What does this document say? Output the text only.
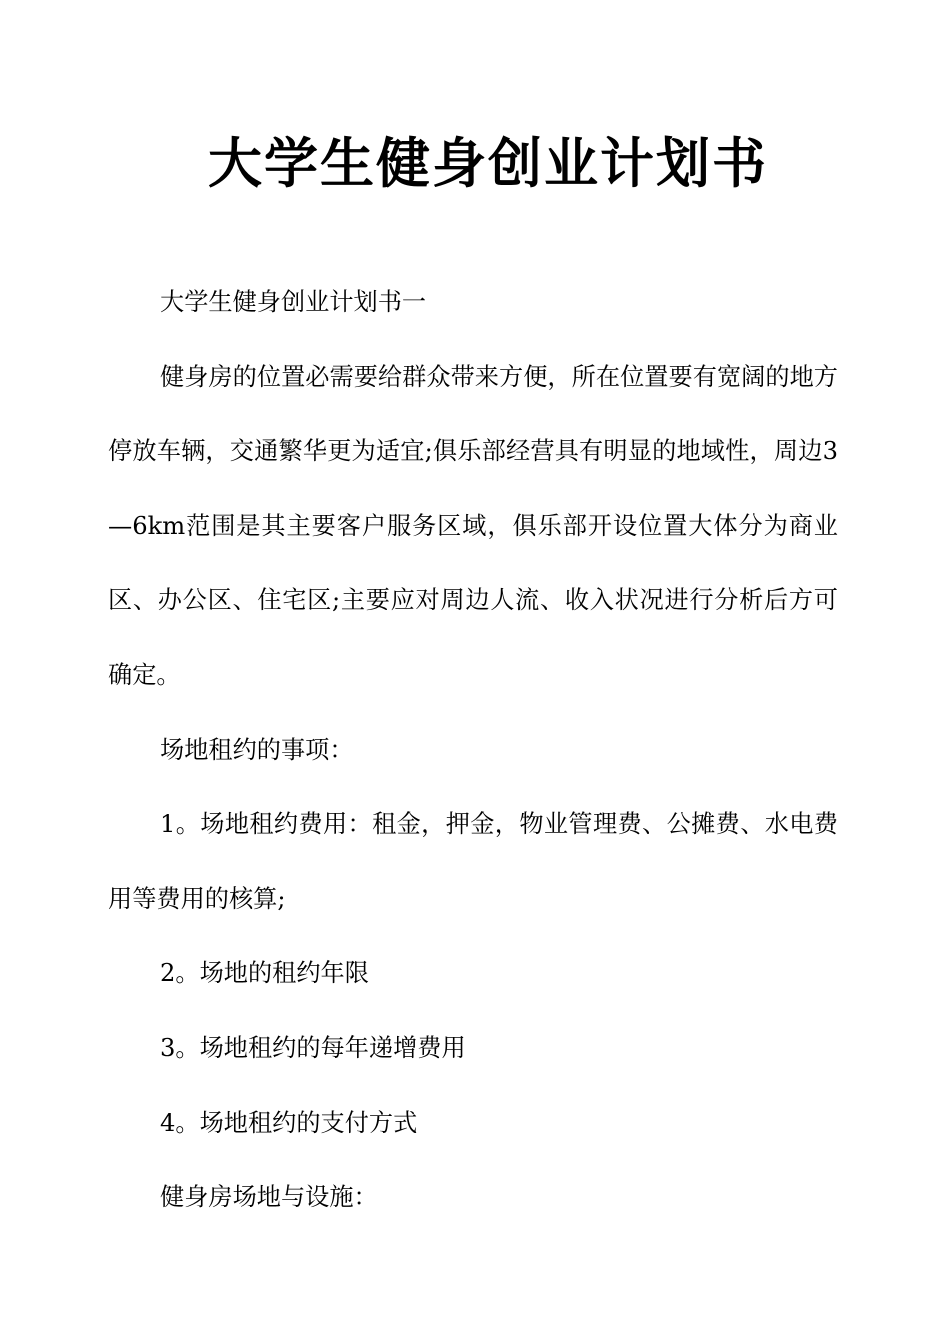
大学生健身创业计划书

大学生健身创业计划书一

健身房的位置必需要给群众带来方便，所在位置要有宽阔的地方停放车辆，交通繁华更为适宜;俱乐部经营具有明显的地域性，周边3—6km范围是其主要客户服务区域，俱乐部开设位置大体分为商业区、办公区、住宅区;主要应对周边人流、收入状况进行分析后方可确定。

场地租约的事项：

1。场地租约费用：租金，押金，物业管理费、公摊费、水电费用等费用的核算;

2。场地的租约年限

3。场地租约的每年递增费用

4。场地租约的支付方式

健身房场地与设施：
